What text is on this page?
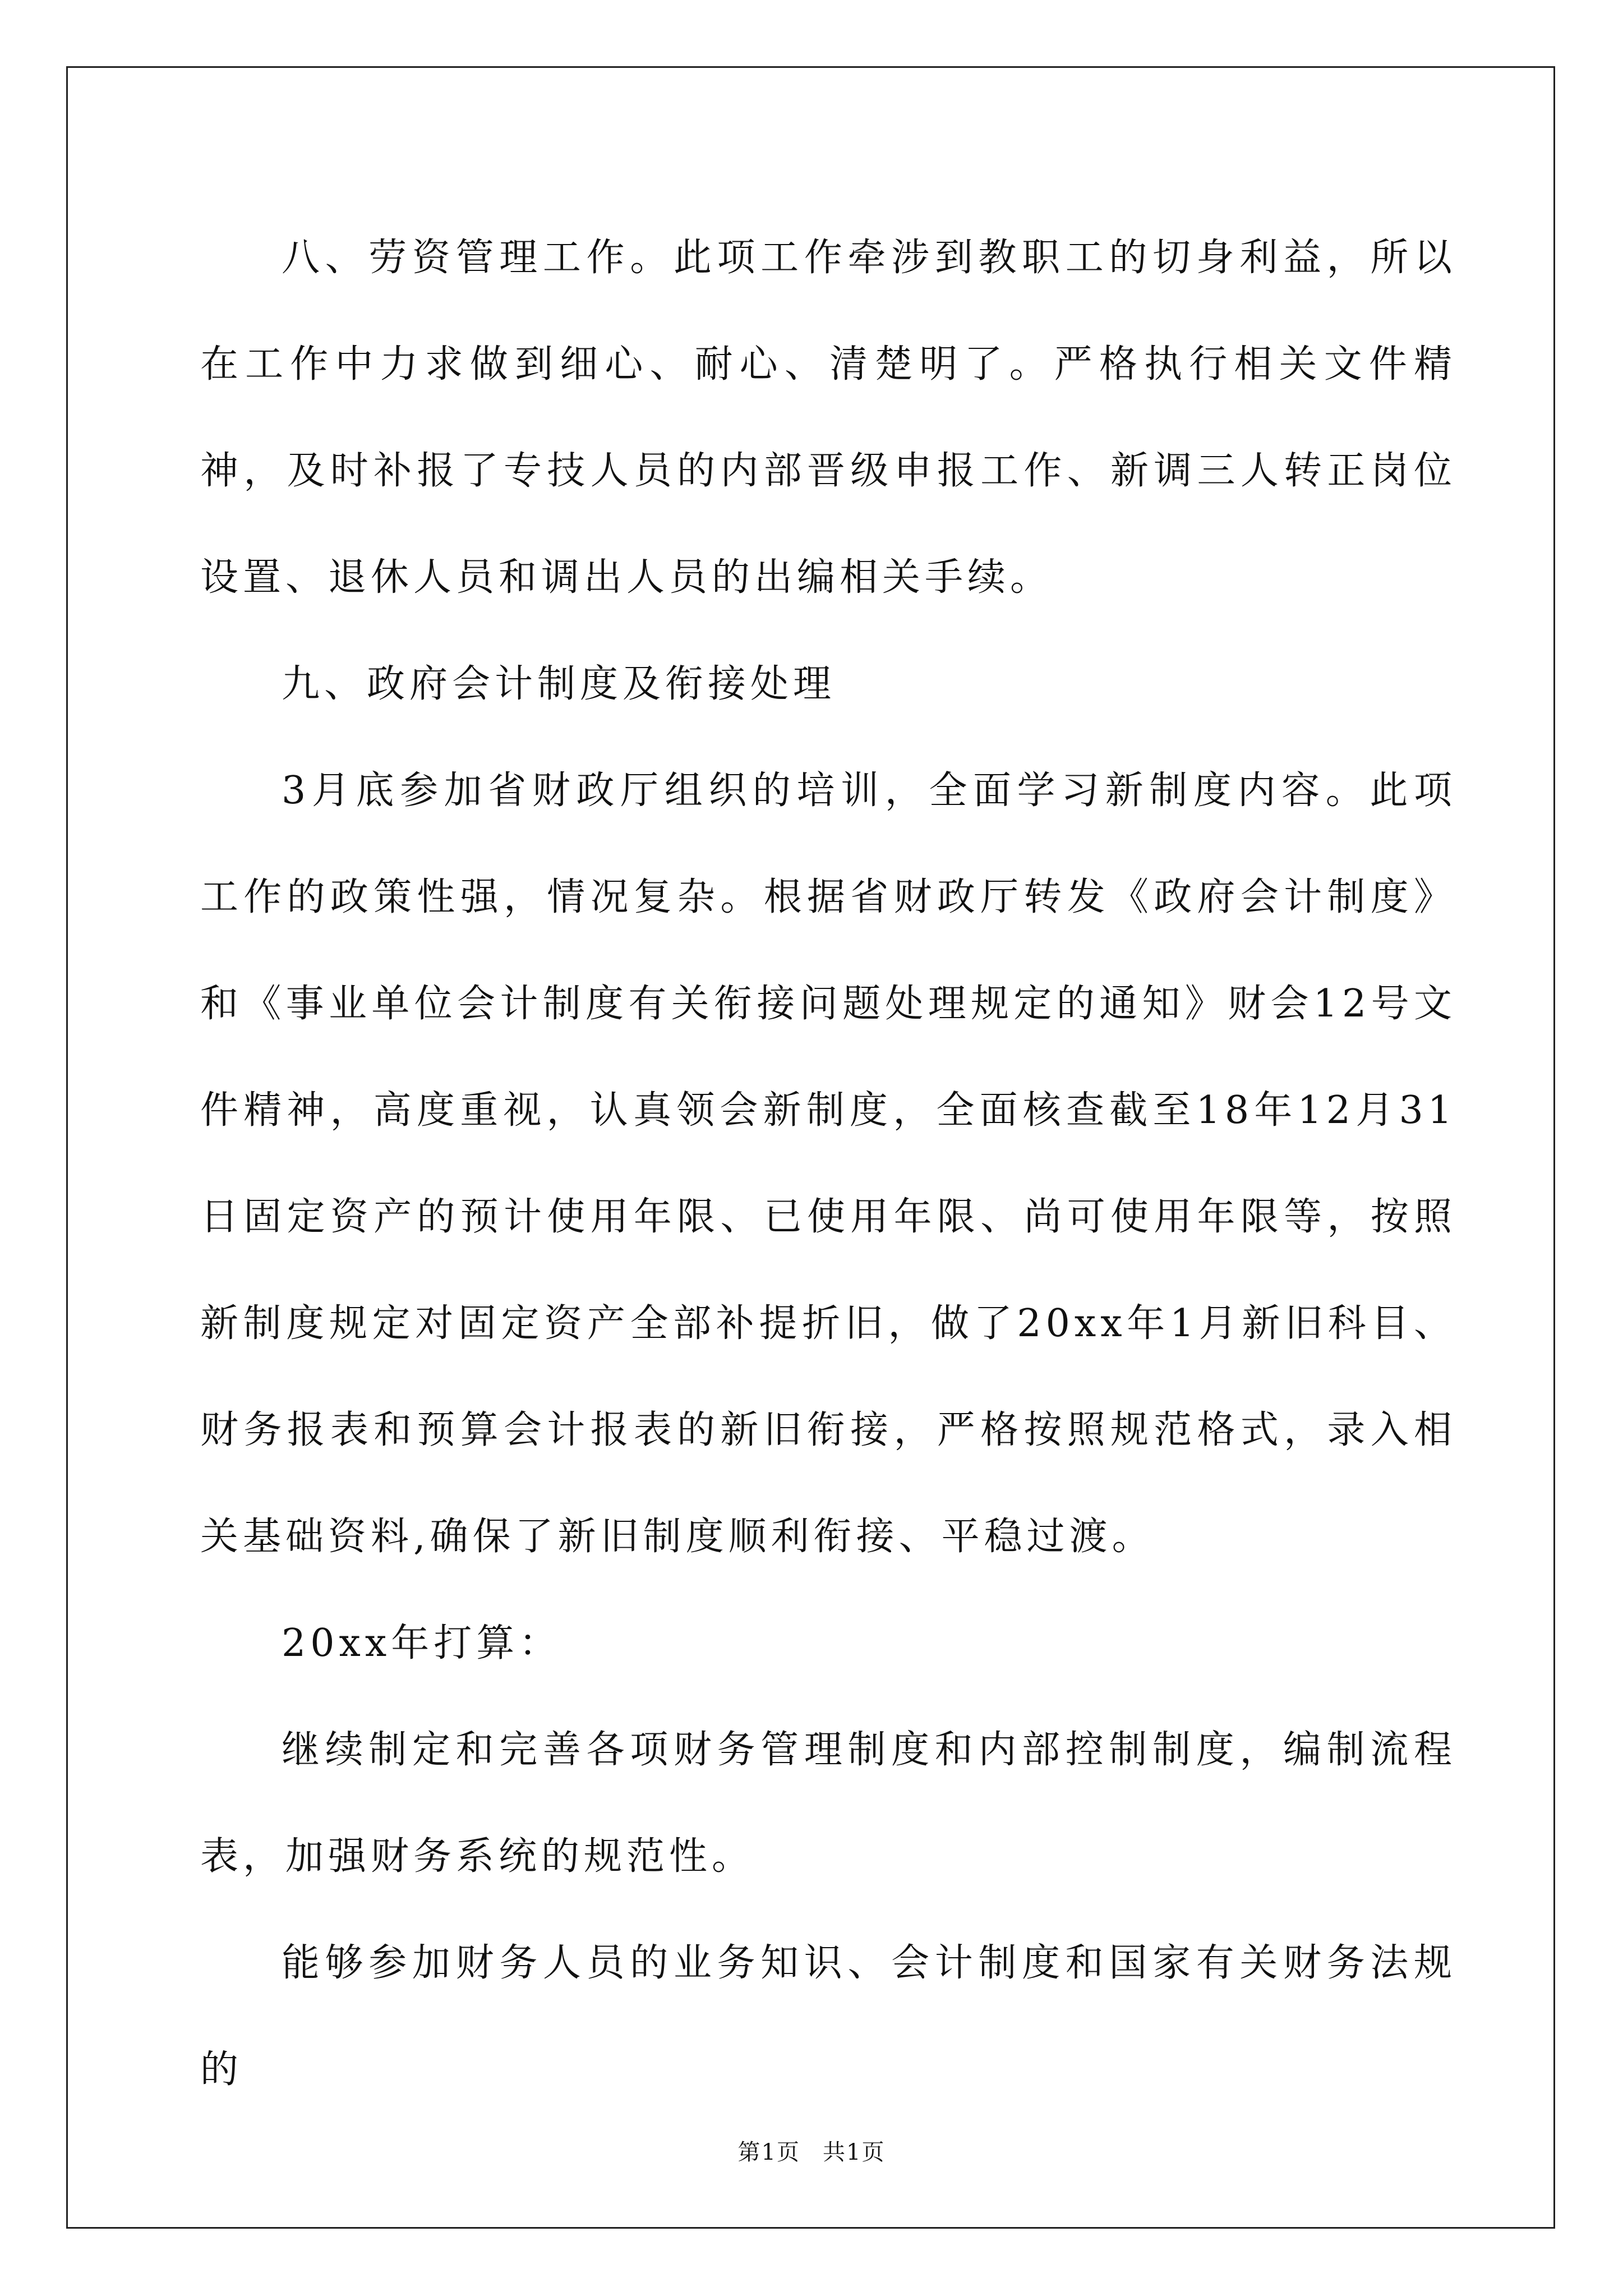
八、劳资管理工作。此项工作牵涉到教职工的切身利益，所以在工作中力求做到细心、耐心、清楚明了。严格执行相关文件精神，及时补报了专技人员的内部晋级申报工作、新调三人转正岗位设置、退休人员和调出人员的出编相关手续。

九、政府会计制度及衔接处理

3月底参加省财政厅组织的培训，全面学习新制度内容。此项工作的政策性强，情况复杂。根据省财政厅转发《政府会计制度》和《事业单位会计制度有关衔接问题处理规定的通知》财会12号文件精神，高度重视，认真领会新制度，全面核查截至18年12月31日固定资产的预计使用年限、已使用年限、尚可使用年限等，按照新制度规定对固定资产全部补提折旧，做了20xx年1月新旧科目、财务报表和预算会计报表的新旧衔接，严格按照规范格式，录入相关基础资料,确保了新旧制度顺利衔接、平稳过渡。

20xx年打算：

继续制定和完善各项财务管理制度和内部控制制度，编制流程表，加强财务系统的规范性。

能够参加财务人员的业务知识、会计制度和国家有关财务法规的

第1页 共1页
